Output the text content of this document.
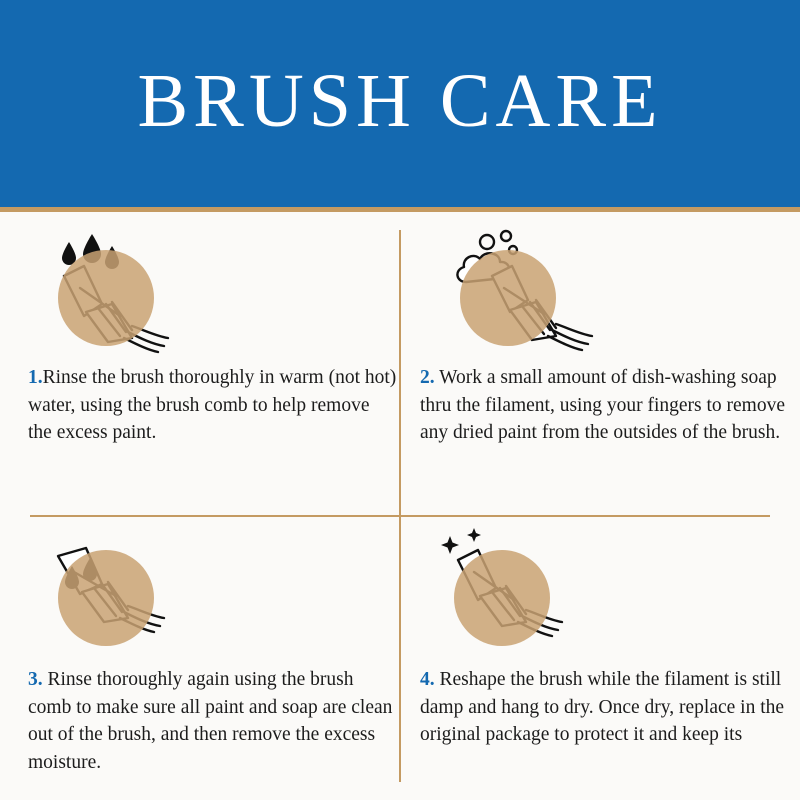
BRUSH CARE
1.Rinse the brush thoroughly in warm (not hot) water, using the brush comb to help remove the excess paint.
2. Work a small amount of dish-washing soap thru the filament, using your fingers to remove any dried paint from the outsides of the brush.
3. Rinse thoroughly again using the brush comb to make sure all paint and soap are clean out of the brush, and then remove the excess moisture.
4. Reshape the brush while the filament is still damp and hang to dry. Once dry, replace in the original package to protect it and keep its
